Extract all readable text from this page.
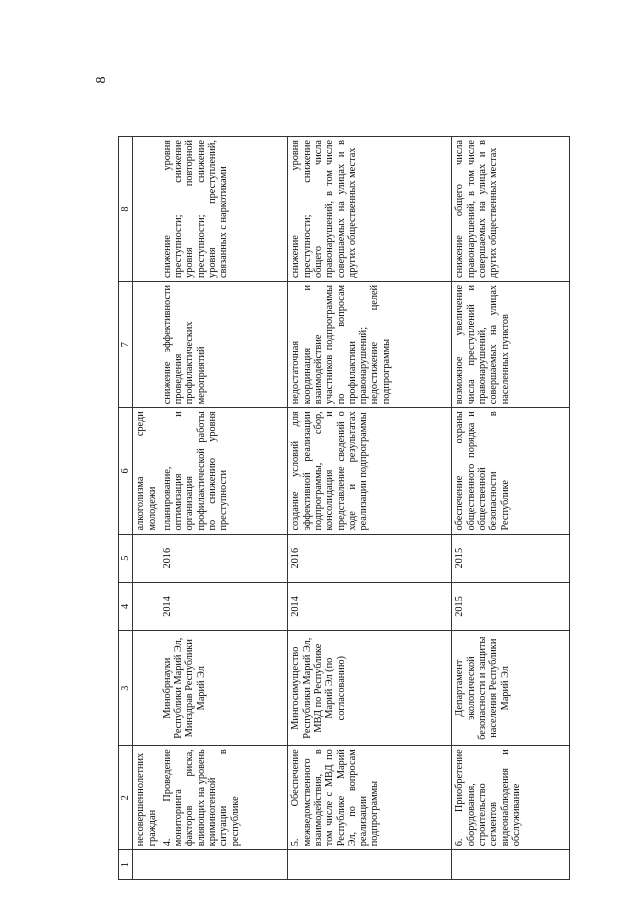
8
1	2	3	4	5	6	7	8
	несовершеннолетних граждан				алкоголизма среди молодежи		
	4. Проведение мониторинга факторов риска, влияющих на уровень криминогенной ситуации в республике	Минобрнауки Республики Марий Эл, Минздрав Республики Марий Эл	2014	2016	планирование, оптимизация и организация профилактической работы по снижению уровня преступности	снижение эффективности проведения профилактических мероприятий	снижение уровня преступности; снижение уровня повторной преступности; снижение уровня преступлений, связанных с наркотиками
	5. Обеспечение межведомственного взаимодействия, в том числе с МВД по Республике Марий Эл, по вопросам реализации подпрограммы	Мингосимущество Республики Марий Эл, МВД по Республике Марий Эл (по согласованию)	2014	2016	создание условий для эффективной реализации подпрограммы, сбор, консолидация и представление сведений о ходе и результатах реализации подпрограммы	недостаточная координация и взаимодействие участников подпрограммы по вопросам профилактики правонарушений; недостижение целей подпрограммы	снижение уровня преступности; снижение общего числа правонарушений, в том числе совершаемых на улицах и в других общественных местах
	6. Приобретение оборудования, строительство сегментов видеонаблюдения и обслуживание	Департамент экологической безопасности и защиты населения Республики Марий Эл	2015	2015	обеспечение охраны общественного порядка и общественной безопасности в Республике	возможное увеличение числа преступлений и правонарушений, совершаемых на улицах населенных пунктов	снижение общего числа правонарушений, в том числе совершаемых на улицах и в других общественных местах
